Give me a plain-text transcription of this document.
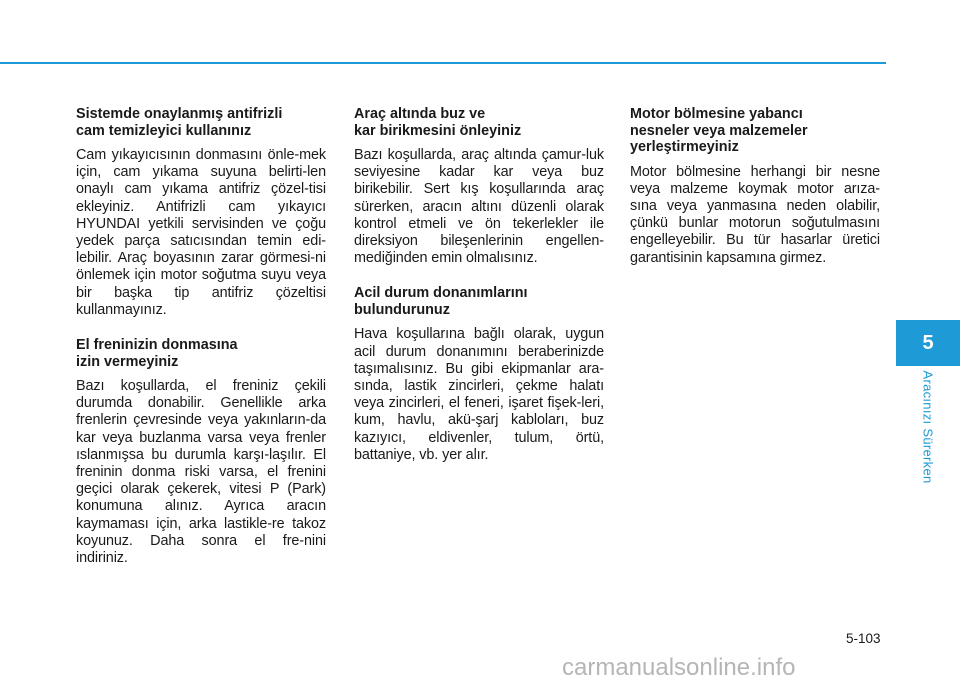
Sistemde onaylanmış antifrizli
cam temizleyici kullanınız

Cam yıkayıcısının donmasını önle-mek için, cam yıkama suyuna belirti-len onaylı cam yıkama antifriz çözel-tisi ekleyiniz. Antifrizli cam yıkayıcı HYUNDAI yetkili servisinden ve çoğu yedek parça satıcısından temin edi-lebilir. Araç boyasının zarar görmesi-ni önlemek için motor soğutma suyu veya bir başka tip antifriz çözeltisi kullanmayınız.

El freninizin donmasına
izin vermeyiniz

Bazı koşullarda, el freniniz çekili durumda donabilir. Genellikle arka frenlerin çevresinde veya yakınların-da kar veya buzlanma varsa veya frenler ıslanmışsa bu durumla karşı-laşılır. El freninin donma riski varsa, el frenini geçici olarak çekerek, vitesi P (Park) konumuna alınız. Ayrıca aracın kaymaması için, arka lastikle-re takoz koyunuz. Daha sonra el fre-nini indiriniz.

Araç altında buz ve
kar birikmesini önleyiniz

Bazı koşullarda, araç altında çamur-luk seviyesine kadar kar veya buz birikebilir. Sert kış koşullarında araç sürerken, aracın altını düzenli olarak kontrol etmeli ve ön tekerlekler ile direksiyon bileşenlerinin engellen-mediğinden emin olmalısınız.

Acil durum donanımlarını
bulundurunuz

Hava koşullarına bağlı olarak, uygun acil durum donanımını beraberinizde taşımalısınız. Bu gibi ekipmanlar ara-sında, lastik zincirleri, çekme halatı veya zincirleri, el feneri, işaret fişek-leri, kum, havlu, akü-şarj kabloları, buz kazıyıcı, eldivenler, tulum, örtü, battaniye, vb. yer alır.

Motor bölmesine yabancı
nesneler veya malzemeler
yerleştirmeyiniz

Motor bölmesine herhangi bir nesne veya malzeme koymak motor arıza-sına veya yanmasına neden olabilir, çünkü bunlar motorun soğutulmasını engelleyebilir. Bu tür hasarlar üretici garantisinin kapsamına girmez.

5
Aracınızı Sürerken
5-103
carmanualsonline.info
